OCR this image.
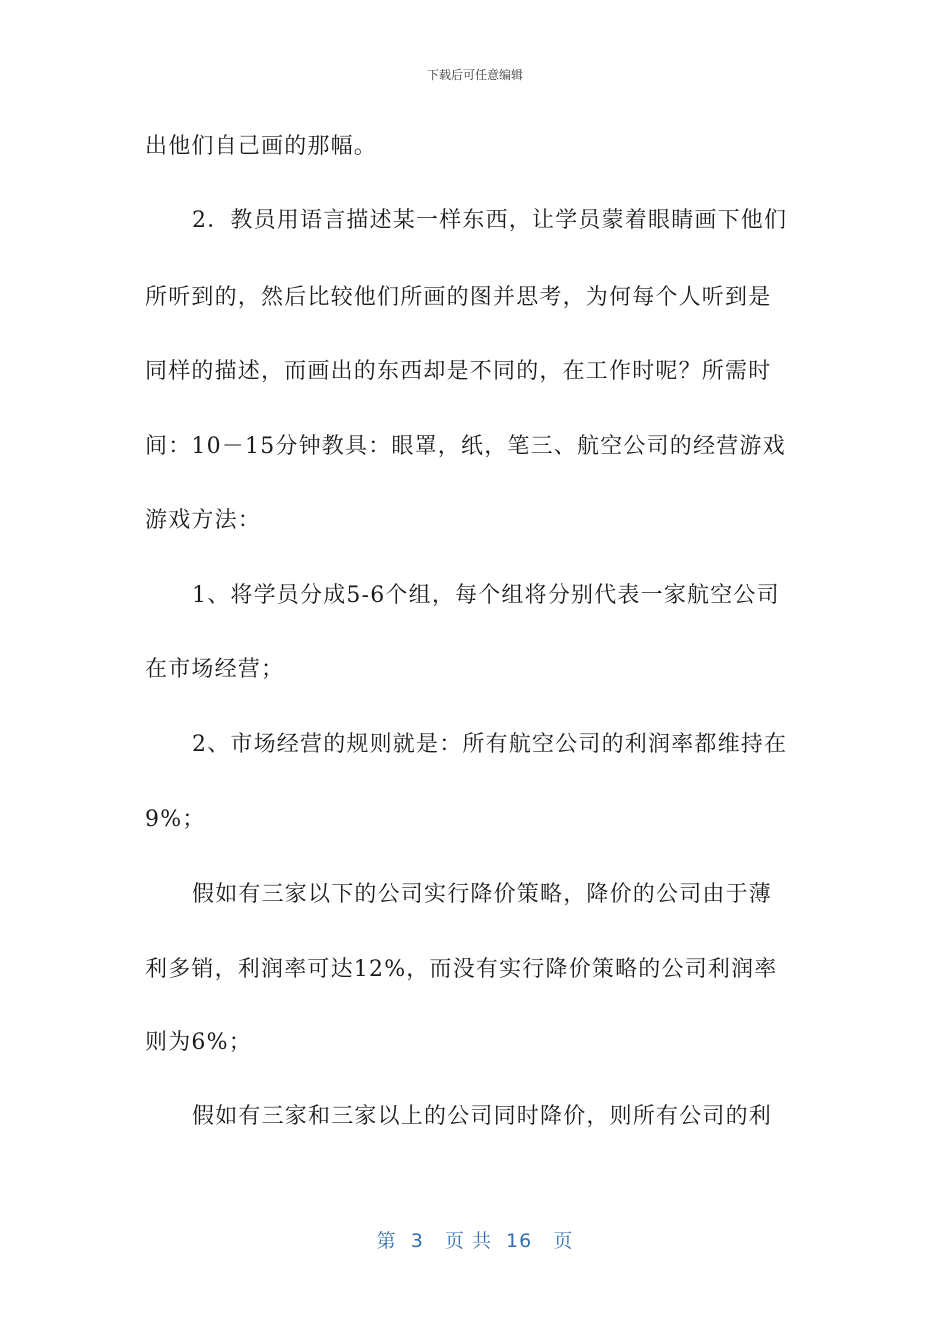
下载后可任意编辑
出他们自己画的那幅。
2．教员用语言描述某一样东西，让学员蒙着眼睛画下他们
所听到的，然后比较他们所画的图并思考，为何每个人听到是
同样的描述，而画出的东西却是不同的，在工作时呢？所需时
间：10－15分钟教具：眼罩，纸，笔三、航空公司的经营游戏
游戏方法：
1、将学员分成5-6个组，每个组将分别代表一家航空公司
在市场经营；
2、市场经营的规则就是：所有航空公司的利润率都维持在
9%；
假如有三家以下的公司实行降价策略，降价的公司由于薄
利多销，利润率可达12%，而没有实行降价策略的公司利润率
则为6%；
假如有三家和三家以上的公司同时降价，则所有公司的利
第  3   页 共  16   页
